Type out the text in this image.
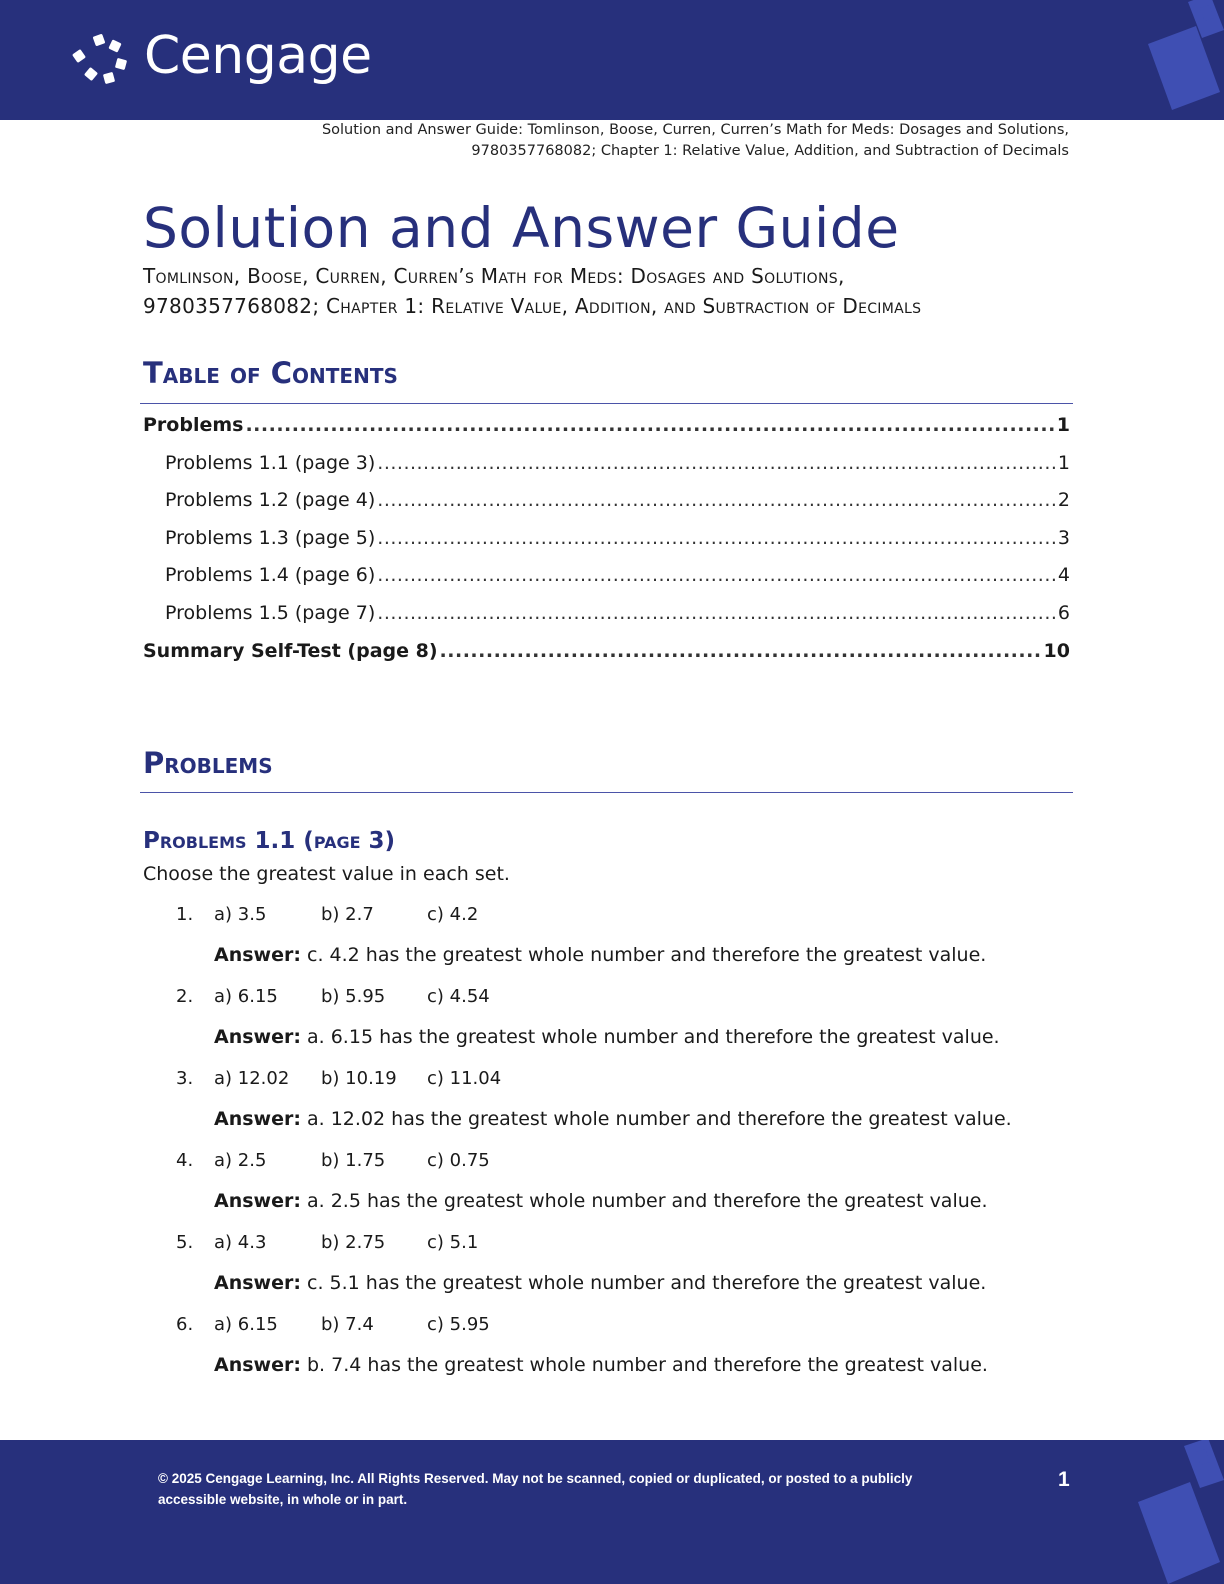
Cengage
Solution and Answer Guide: Tomlinson, Boose, Curren, Curren’s Math for Meds: Dosages and Solutions,
9780357768082; Chapter 1: Relative Value, Addition, and Subtraction of Decimals
Solution and Answer Guide
Tomlinson, Boose, Curren, Curren’s Math for Meds: Dosages and Solutions,
9780357768082; Chapter 1: Relative Value, Addition, and Subtraction of Decimals
Table of Contents
Problems .....	1
Problems 1.1 (page 3) .....	1
Problems 1.2 (page 4) .....	2
Problems 1.3 (page 5) .....	3
Problems 1.4 (page 6) .....	4
Problems 1.5 (page 7) .....	6
Summary Self-Test (page 8) .....	10
Problems
Problems 1.1 (page 3)
Choose the greatest value in each set.
1. a) 3.5	b) 2.7	c) 4.2
Answer: c. 4.2 has the greatest whole number and therefore the greatest value.
2. a) 6.15 b) 5.95 c) 4.54
Answer: a. 6.15 has the greatest whole number and therefore the greatest value.
3. a) 12.02 b) 10.19 c) 11.04
Answer: a. 12.02 has the greatest whole number and therefore the greatest value.
4. a) 2.5	b) 1.75 c) 0.75
Answer: a. 2.5 has the greatest whole number and therefore the greatest value.
5. a) 4.3	b) 2.75 c) 5.1
Answer: c. 5.1 has the greatest whole number and therefore the greatest value.
6. a) 6.15 b) 7.4	c) 5.95
Answer: b. 7.4 has the greatest whole number and therefore the greatest value.
© 2025 Cengage Learning, Inc. All Rights Reserved. May not be scanned, copied or duplicated, or posted to a publicly
accessible website, in whole or in part.
1
